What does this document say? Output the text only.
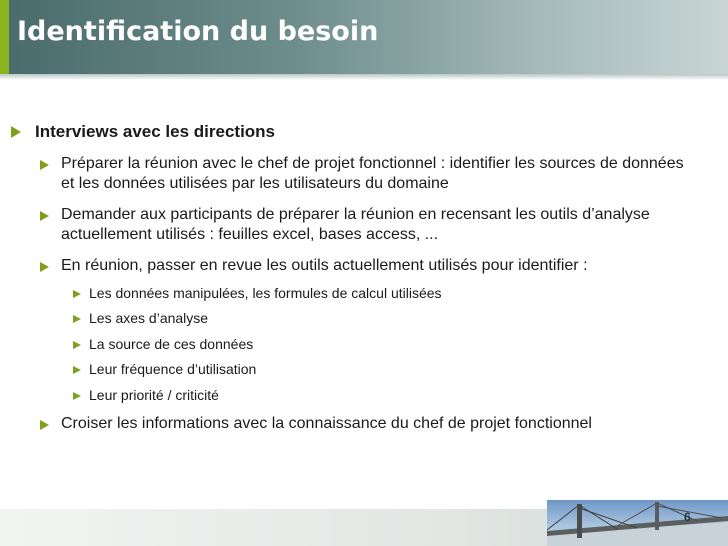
Identification du besoin
Interviews avec les directions
Préparer la réunion avec le chef de projet fonctionnel : identifier les sources de données et les données utilisées par les utilisateurs du domaine
Demander aux participants de préparer la réunion en recensant les outils d’analyse actuellement utilisés : feuilles excel, bases access, ...
En réunion, passer en revue les outils actuellement utilisés pour identifier :
Les données manipulées, les formules de calcul utilisées
Les axes d’analyse
La source de ces données
Leur fréquence d’utilisation
Leur priorité / criticité
Croiser les informations avec la connaissance du chef de projet fonctionnel

6
